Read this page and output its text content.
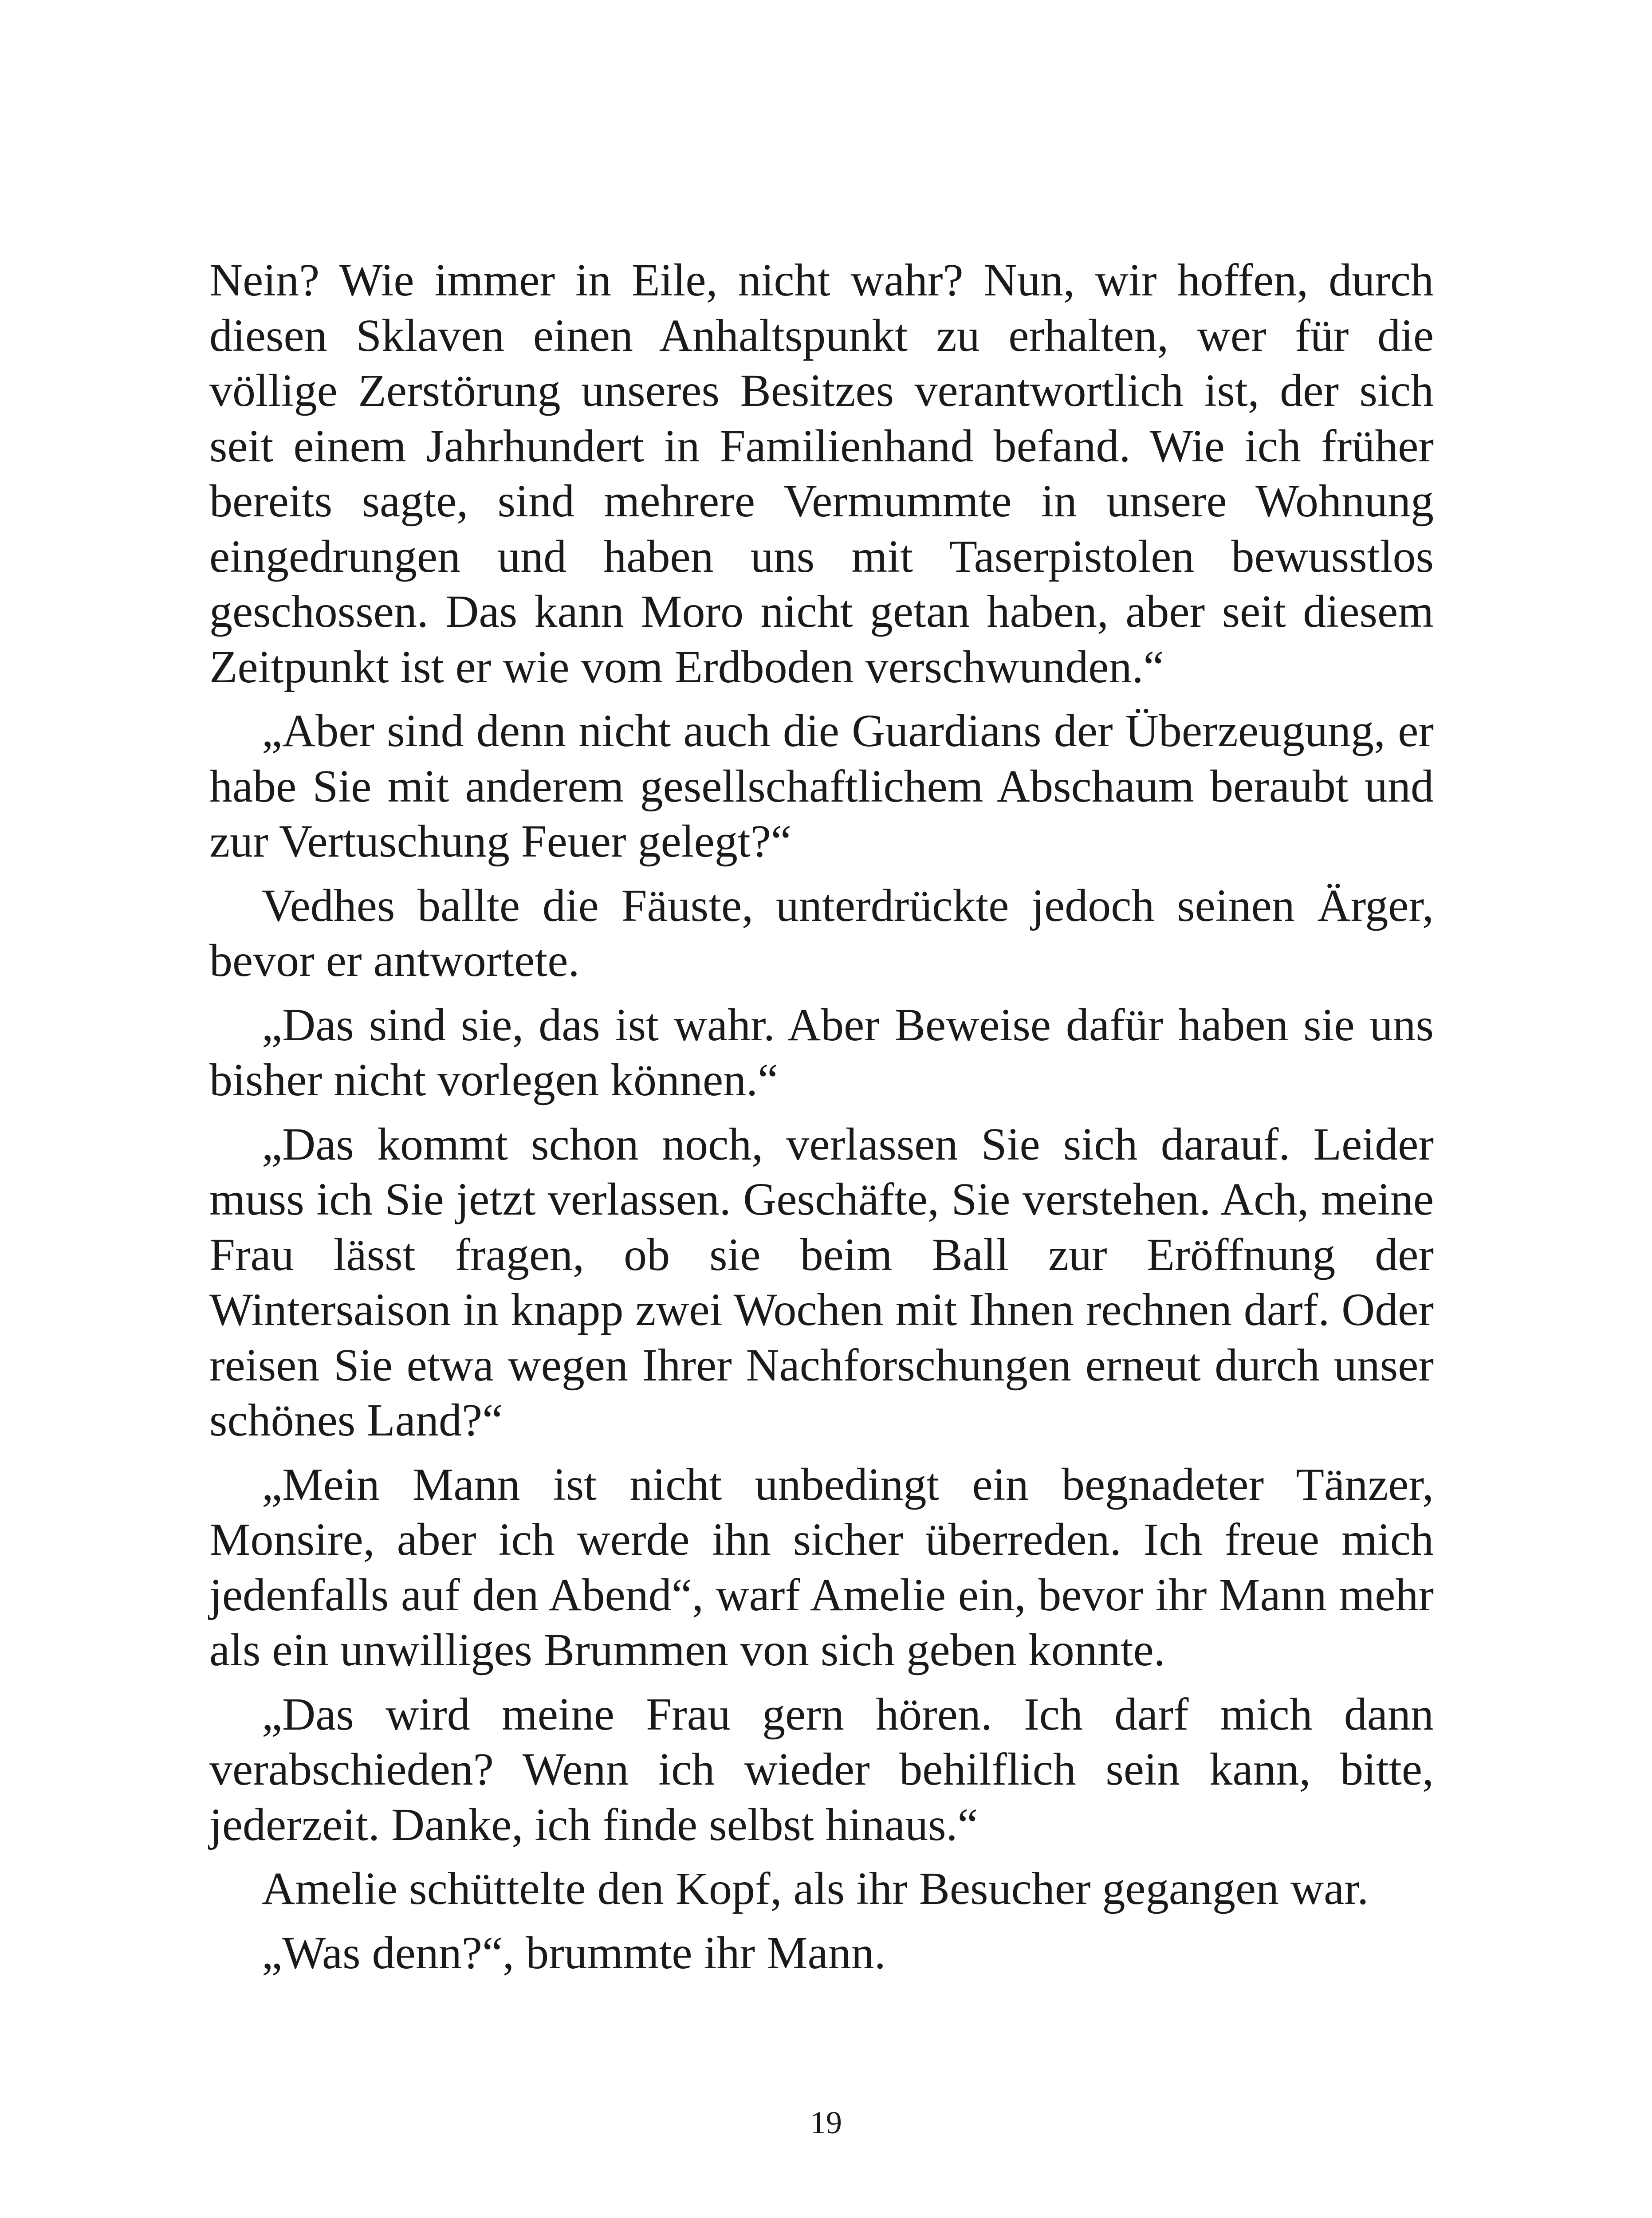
Nein? Wie immer in Eile, nicht wahr? Nun, wir hoffen, durch diesen Sklaven einen Anhaltspunkt zu erhalten, wer für die völlige Zerstörung unseres Besitzes verantwortlich ist, der sich seit einem Jahrhundert in Familienhand befand. Wie ich früher bereits sagte, sind mehrere Vermummte in unsere Wohnung eingedrungen und haben uns mit Taserpistolen bewusstlos geschossen. Das kann Moro nicht getan haben, aber seit diesem Zeitpunkt ist er wie vom Erdboden verschwunden.“

„Aber sind denn nicht auch die Guardians der Überzeugung, er habe Sie mit anderem gesellschaftlichem Abschaum beraubt und zur Vertuschung Feuer gelegt?“

Vedhes ballte die Fäuste, unterdrückte jedoch seinen Ärger, bevor er antwortete.

„Das sind sie, das ist wahr. Aber Beweise dafür haben sie uns bisher nicht vorlegen können.“

„Das kommt schon noch, verlassen Sie sich darauf. Leider muss ich Sie jetzt verlassen. Geschäfte, Sie verstehen. Ach, meine Frau lässt fragen, ob sie beim Ball zur Eröffnung der Wintersaison in knapp zwei Wochen mit Ihnen rechnen darf. Oder reisen Sie etwa wegen Ihrer Nachforschungen erneut durch unser schönes Land?“

„Mein Mann ist nicht unbedingt ein begnadeter Tänzer, Monsire, aber ich werde ihn sicher überreden. Ich freue mich jedenfalls auf den Abend“, warf Amelie ein, bevor ihr Mann mehr als ein unwilliges Brummen von sich geben konnte.

„Das wird meine Frau gern hören. Ich darf mich dann verabschieden? Wenn ich wieder behilflich sein kann, bitte, jederzeit. Danke, ich finde selbst hinaus.“

Amelie schüttelte den Kopf, als ihr Besucher gegangen war.

„Was denn?“, brummte ihr Mann.

19
